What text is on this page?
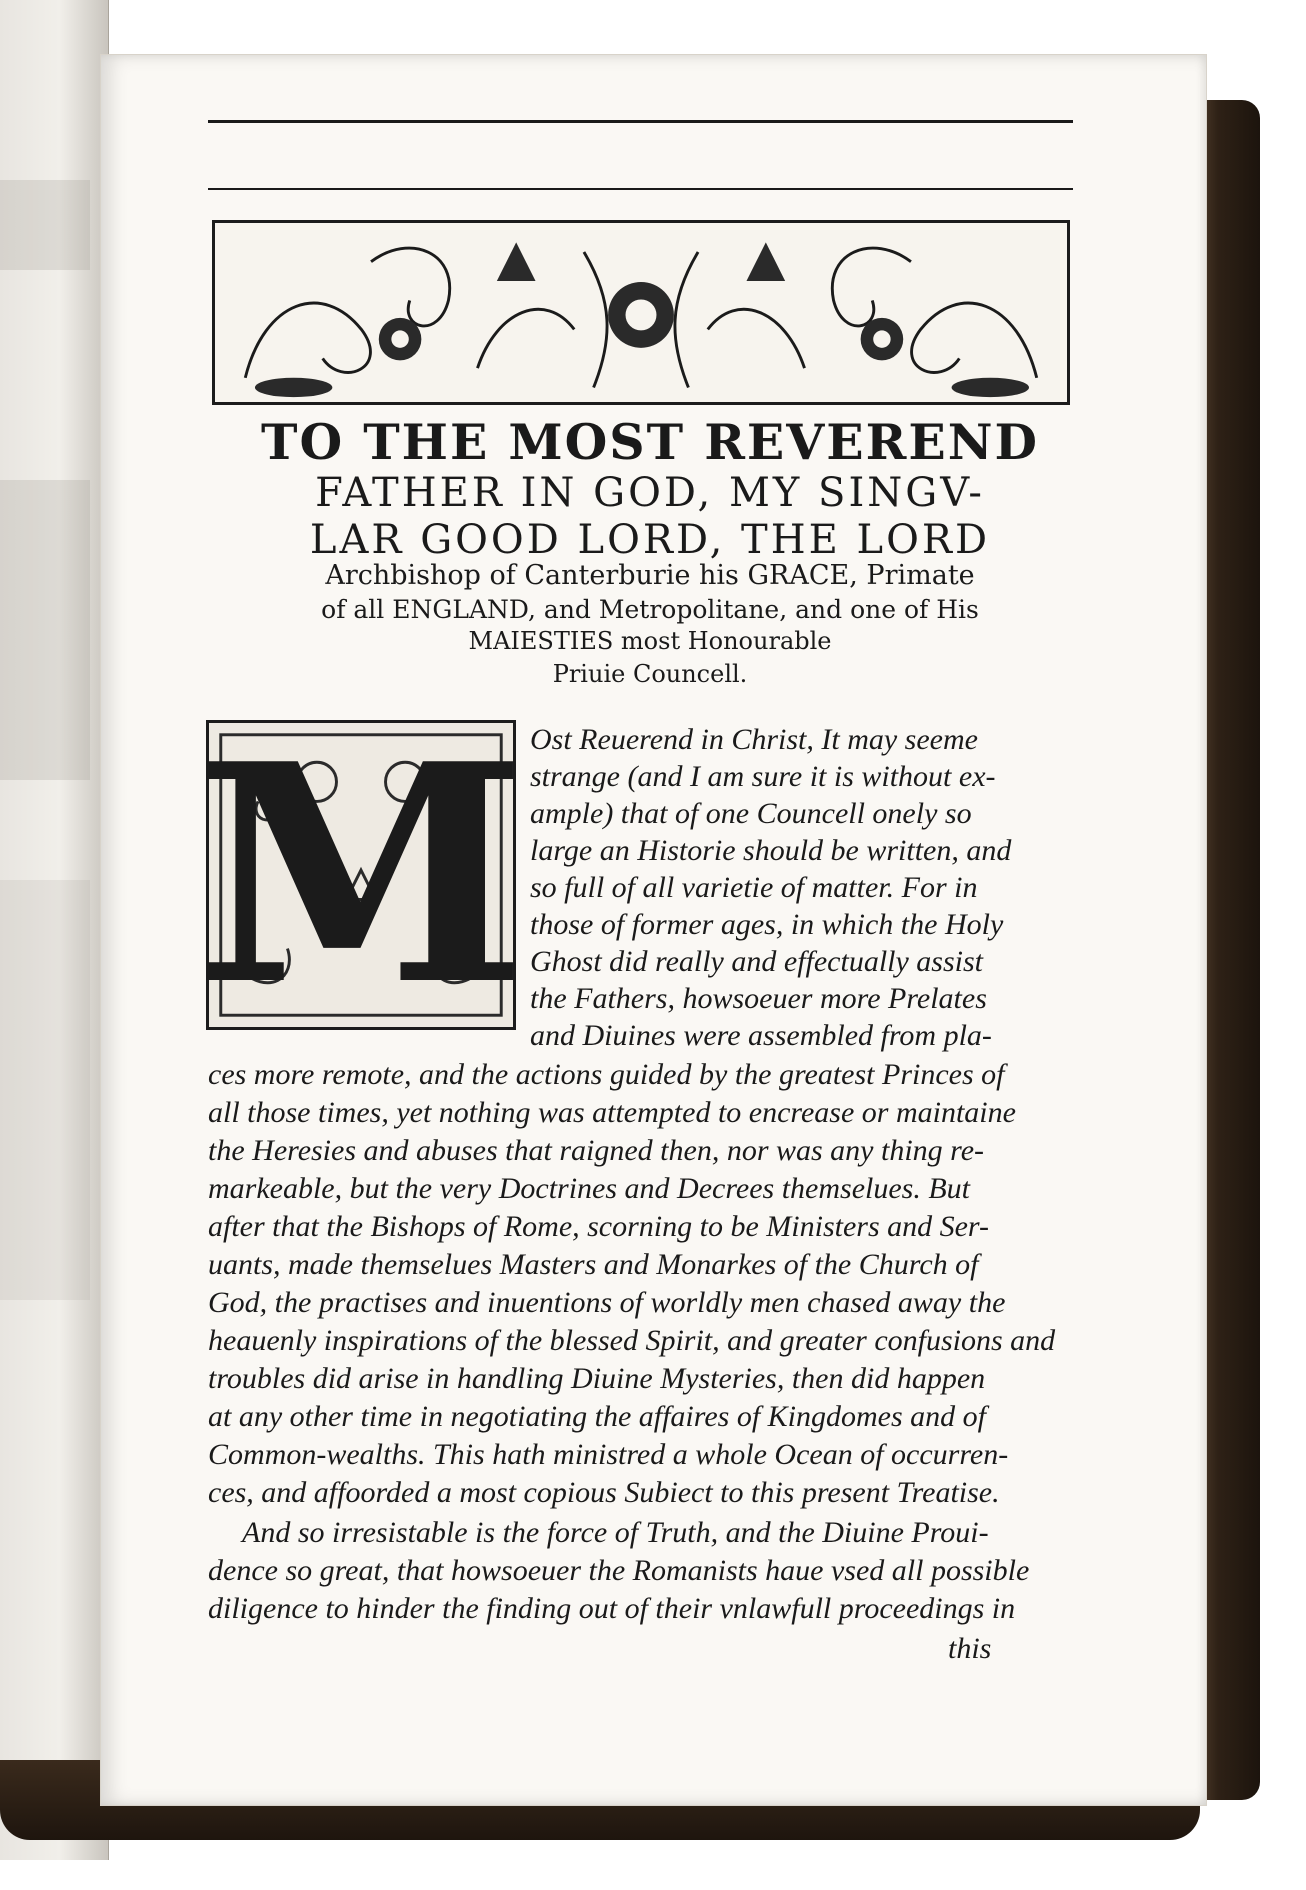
TO THE MOST REVEREND
FATHER IN GOD, MY SINGV-
LAR GOOD LORD, THE LORD
Archbishop of Canterburie his GRACE, Primate
of all ENGLAND, and Metropolitane, and one of His
MAIESTIES most Honourable
Priuie Councell.
M Ost Reuerend in Christ, It may seeme
strange (and I am sure it is without ex-
ample) that of one Councell onely so
large an Historie should be written, and
so full of all varietie of matter. For in
those of former ages, in which the Holy
Ghost did really and effectually assist
the Fathers, howsoeuer more Prelates
and Diuines were assembled from pla-
ces more remote, and the actions guided by the greatest Princes of
all those times, yet nothing was attempted to encrease or maintaine
the Heresies and abuses that raigned then, nor was any thing re-
markeable, but the very Doctrines and Decrees themselues. But
after that the Bishops of Rome, scorning to be Ministers and Ser-
uants, made themselues Masters and Monarkes of the Church of
God, the practises and inuentions of worldly men chased away the
heauenly inspirations of the blessed Spirit, and greater confusions and
troubles did arise in handling Diuine Mysteries, then did happen
at any other time in negotiating the affaires of Kingdomes and of
Common-wealths. This hath ministred a whole Ocean of occurren-
ces, and affoorded a most copious Subiect to this present Treatise.
And so irresistable is the force of Truth, and the Diuine Proui-
dence so great, that howsoeuer the Romanists haue vsed all possible
diligence to hinder the finding out of their vnlawfull proceedings in
this
